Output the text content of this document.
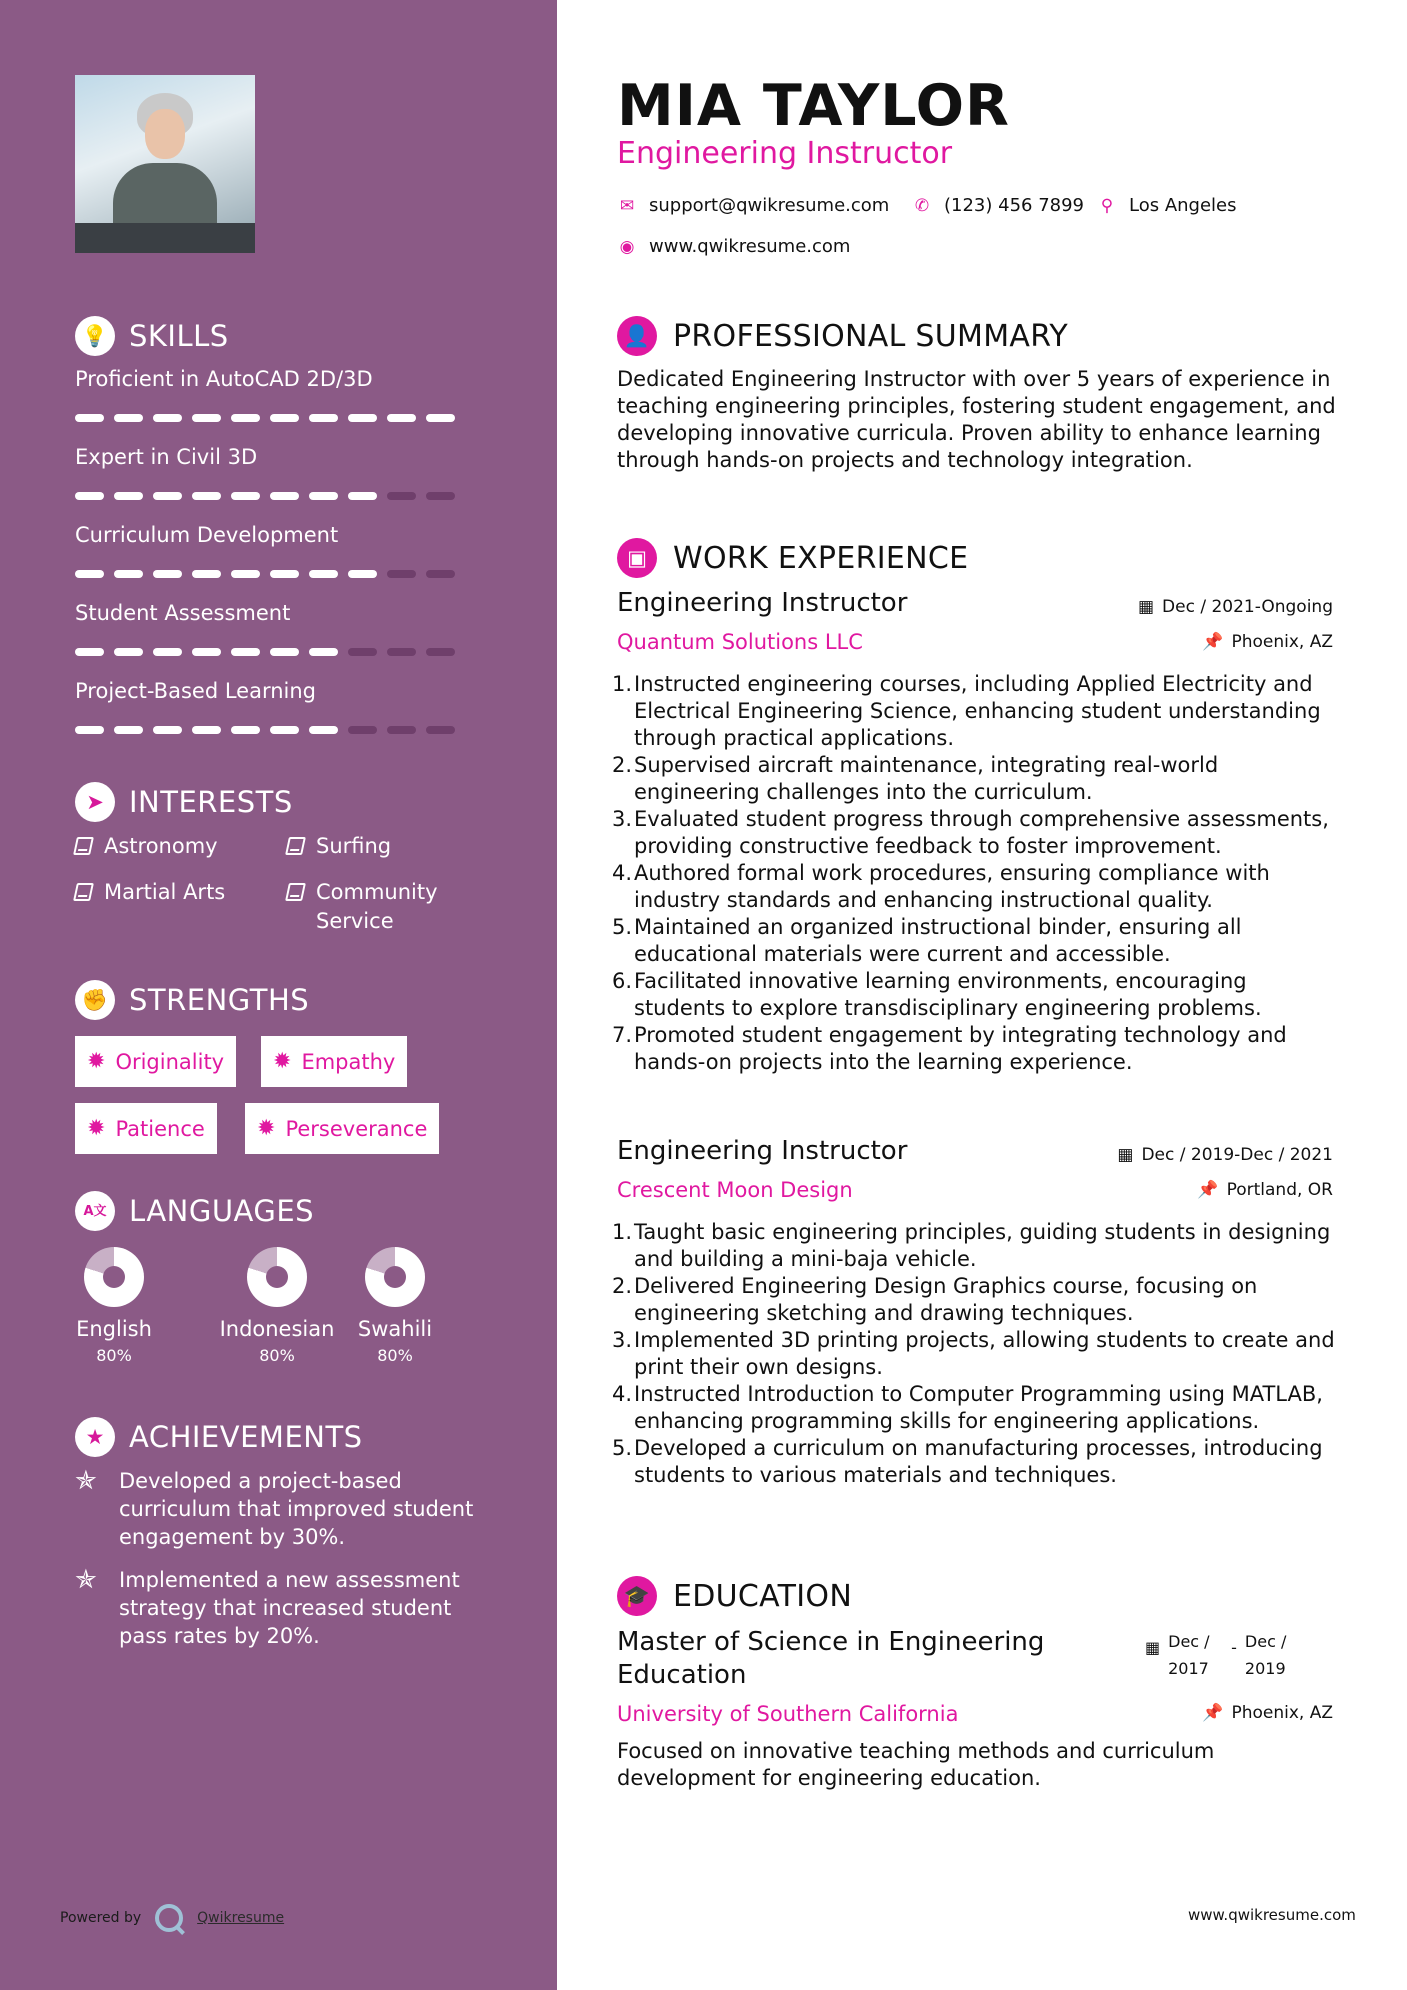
💡 SKILLS
Proficient in AutoCAD 2D/3D
Expert in Civil 3D
Curriculum Development
Student Assessment
Project-Based Learning
➤ INTERESTS
Astronomy	Surfing
Martial Arts	Community Service
✊ STRENGTHS
✹ Originality ✹ Empathy
✹ Patience ✹ Perseverance
A文 LANGUAGES
English
80%
Indonesian
80%
Swahili
80%
★ ACHIEVEMENTS
✯	Developed a project-based curriculum that improved student engagement by 30%.
✯	Implemented a new assessment strategy that increased student pass rates by 20%.
Powered by	Qwikresume
MIA TAYLOR
Engineering Instructor
✉ support@qwikresume.com ✆ (123) 456 7899 ⚲ Los Angeles
◉ www.qwikresume.com
👤 PROFESSIONAL SUMMARY
Dedicated Engineering Instructor with over 5 years of experience in teaching engineering principles, fostering student engagement, and developing innovative curricula. Proven ability to enhance learning through hands-on projects and technology integration.
▣ WORK EXPERIENCE
Engineering Instructor
Quantum Solutions LLC
▦ Dec / 2021-Ongoing
📌 Phoenix, AZ
1. Instructed engineering courses, including Applied Electricity and Electrical Engineering Science, enhancing student understanding through practical applications.
2. Supervised aircraft maintenance, integrating real-world engineering challenges into the curriculum.
3. Evaluated student progress through comprehensive assessments, providing constructive feedback to foster improvement.
4. Authored formal work procedures, ensuring compliance with industry standards and enhancing instructional quality.
5. Maintained an organized instructional binder, ensuring all educational materials were current and accessible.
6. Facilitated innovative learning environments, encouraging students to explore transdisciplinary engineering problems.
7. Promoted student engagement by integrating technology and hands-on projects into the learning experience.
Engineering Instructor
Crescent Moon Design
▦ Dec / 2019-Dec / 2021
📌 Portland, OR
1. Taught basic engineering principles, guiding students in designing and building a mini-baja vehicle.
2. Delivered Engineering Design Graphics course, focusing on engineering sketching and drawing techniques.
3. Implemented 3D printing projects, allowing students to create and print their own designs.
4. Instructed Introduction to Computer Programming using MATLAB, enhancing programming skills for engineering applications.
5. Developed a curriculum on manufacturing processes, introducing students to various materials and techniques.
🎓 EDUCATION
Master of Science in Engineering Education
▦ Dec / 2017
- Dec / 2019
University of Southern California	📌 Phoenix, AZ
Focused on innovative teaching methods and curriculum development for engineering education.
www.qwikresume.com
